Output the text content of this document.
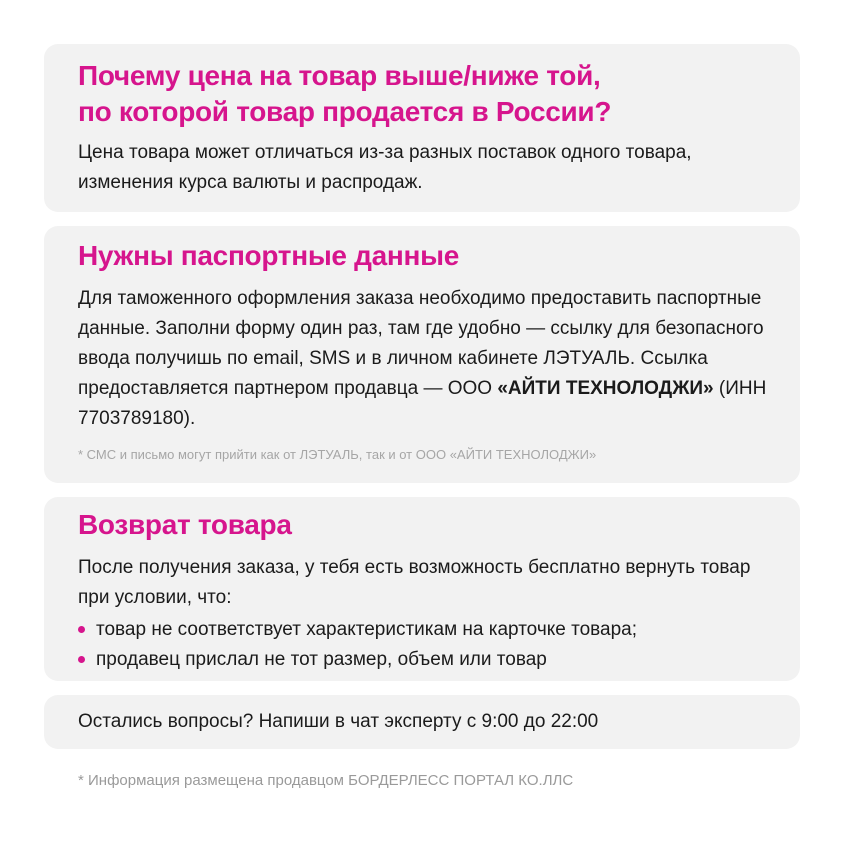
Почему цена на товар выше/ниже той,
по которой товар продается в России?

Цена товара может отличаться из-за разных поставок одного товара, изменения курса валюты и распродаж.

Нужны паспортные данные

Для таможенного оформления заказа необходимо предоставить паспортные данные. Заполни форму один раз, там где удобно — ссылку для безопасного ввода получишь по email, SMS и в личном кабинете ЛЭТУАЛЬ. Ссылка предоставляется партнером продавца — ООО «АЙТИ ТЕХНОЛОДЖИ» (ИНН 7703789180).

* СМС и письмо могут прийти как от ЛЭТУАЛЬ, так и от ООО «АЙТИ ТЕХНОЛОДЖИ»

Возврат товара

После получения заказа, у тебя есть возможность бесплатно вернуть товар при условии, что:

товар не соответствует характеристикам на карточке товара;
продавец прислал не тот размер, объем или товар

Остались вопросы? Напиши в чат эксперту с 9:00 до 22:00

* Информация размещена продавцом БОРДЕРЛЕСС ПОРТАЛ КО.ЛЛС
